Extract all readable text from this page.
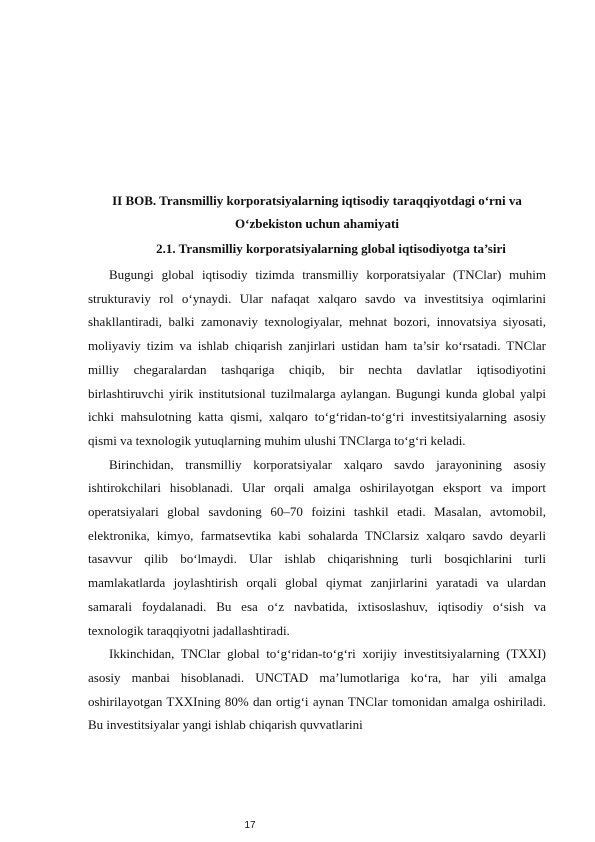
II BOB. Transmilliy korporatsiyalarning iqtisodiy taraqqiyotdagi o‘rni va O‘zbekiston uchun ahamiyati
2.1. Transmilliy korporatsiyalarning global iqtisodiyotga ta’siri

Bugungi global iqtisodiy tizimda transmilliy korporatsiyalar (TNClar) muhim strukturaviy rol o‘ynaydi. Ular nafaqat xalqaro savdo va investitsiya oqimlarini shakllantiradi, balki zamonaviy texnologiyalar, mehnat bozori, innovatsiya siyosati, moliyaviy tizim va ishlab chiqarish zanjirlari ustidan ham ta’sir ko‘rsatadi. TNClar milliy chegaralardan tashqariga chiqib, bir nechta davlatlar iqtisodiyotini birlashtiruvchi yirik institutsional tuzilmalarga aylangan. Bugungi kunda global yalpi ichki mahsulotning katta qismi, xalqaro to‘g‘ridan-to‘g‘ri investitsiyalarning asosiy qismi va texnologik yutuqlarning muhim ulushi TNClarga to‘g‘ri keladi.

Birinchidan, transmilliy korporatsiyalar xalqaro savdo jarayonining asosiy ishtirokchilari hisoblanadi. Ular orqali amalga oshirilayotgan eksport va import operatsiyalari global savdoning 60–70 foizini tashkil etadi. Masalan, avtomobil, elektronika, kimyo, farmatsevtika kabi sohalarda TNClarsiz xalqaro savdo deyarli tasavvur qilib bo‘lmaydi. Ular ishlab chiqarishning turli bosqichlarini turli mamlakatlarda joylashtirish orqali global qiymat zanjirlarini yaratadi va ulardan samarali foydalanadi. Bu esa o‘z navbatida, ixtisoslashuv, iqtisodiy o‘sish va texnologik taraqqiyotni jadallashtiradi.

Ikkinchidan, TNClar global to‘g‘ridan-to‘g‘ri xorijiy investitsiyalarning (TXXI) asosiy manbai hisoblanadi. UNCTAD ma’lumotlariga ko‘ra, har yili amalga oshirilayotgan TXXIning 80% dan ortig‘i aynan TNClar tomonidan amalga oshiriladi. Bu investitsiyalar yangi ishlab chiqarish quvvatlarini

17
